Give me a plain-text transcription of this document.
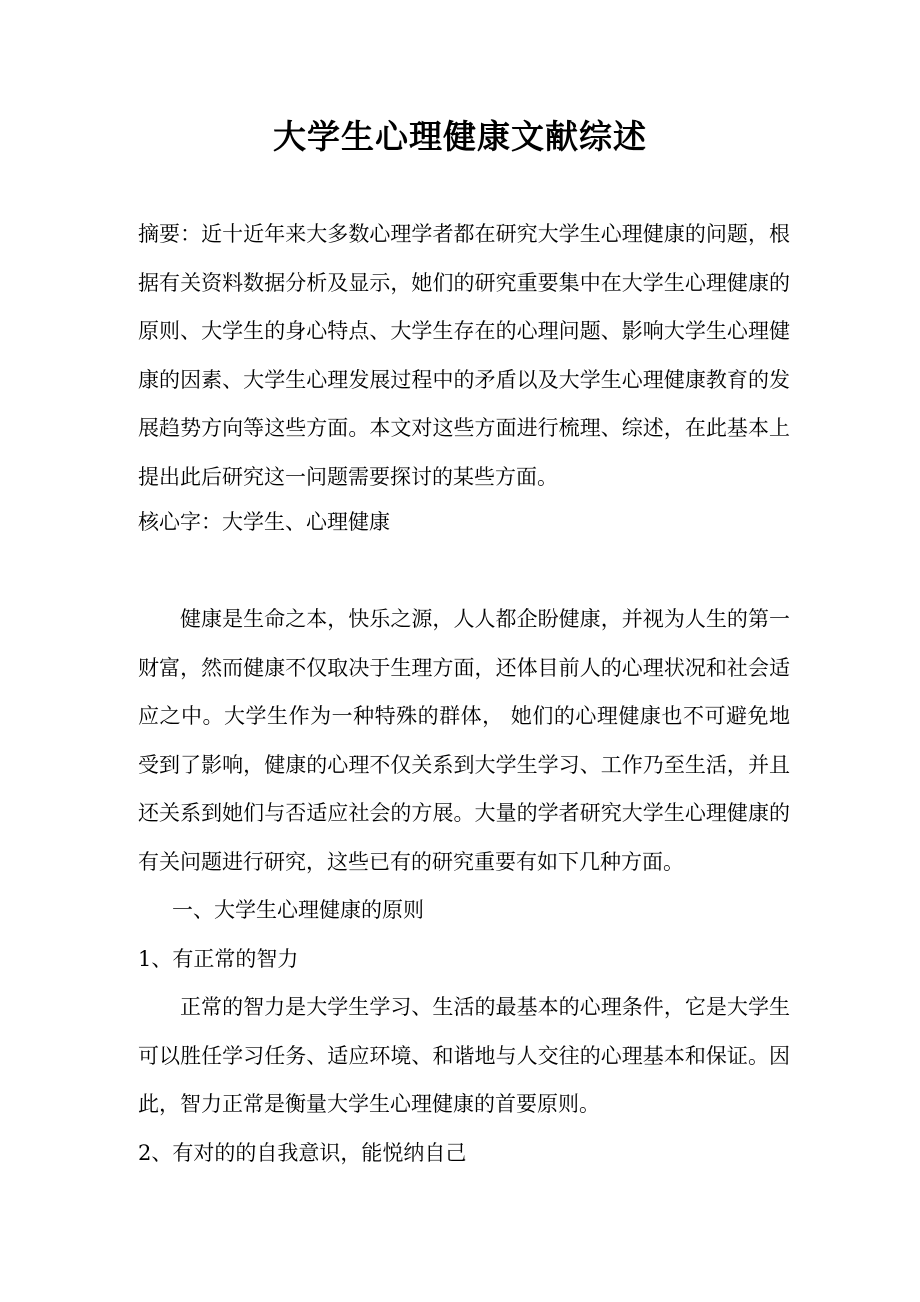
大学生心理健康文献综述
摘要：近十近年来大多数心理学者都在研究大学生心理健康的问题，根据有关资料数据分析及显示，她们的研究重要集中在大学生心理健康的原则、大学生的身心特点、大学生存在的心理问题、影响大学生心理健康的因素、大学生心理发展过程中的矛盾以及大学生心理健康教育的发展趋势方向等这些方面。本文对这些方面进行梳理、综述，在此基本上提出此后研究这一问题需要探讨的某些方面。
核心字：大学生、心理健康

健康是生命之本，快乐之源，人人都企盼健康，并视为人生的第一财富，然而健康不仅取决于生理方面，还体目前人的心理状况和社会适应之中。大学生作为一种特殊的群体， 她们的心理健康也不可避免地受到了影响，健康的心理不仅关系到大学生学习、工作乃至生活，并且还关系到她们与否适应社会的方展。大量的学者研究大学生心理健康的有关问题进行研究，这些已有的研究重要有如下几种方面。

一、大学生心理健康的原则

1、有正常的智力

正常的智力是大学生学习、生活的最基本的心理条件，它是大学生可以胜任学习任务、适应环境、和谐地与人交往的心理基本和保证。因此，智力正常是衡量大学生心理健康的首要原则。

2、有对的的自我意识，能悦纳自己
